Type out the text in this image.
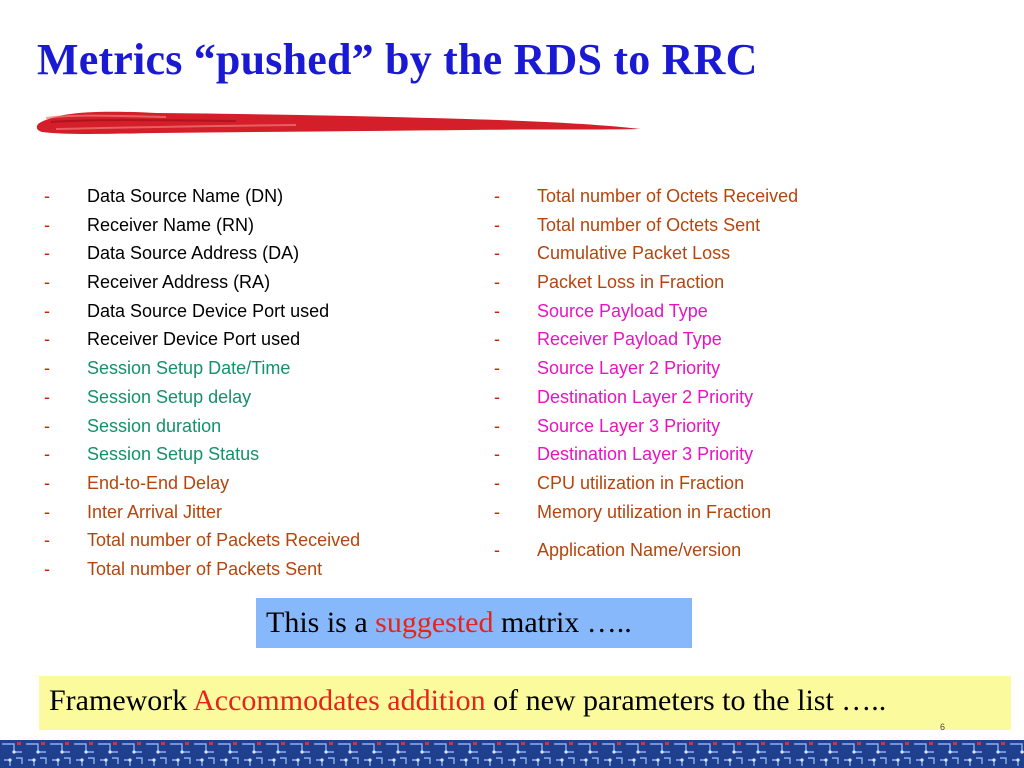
Metrics “pushed” by the RDS to RRC
- Data Source Name (DN)
- Receiver Name (RN)
- Data Source Address (DA)
- Receiver Address (RA)
- Data Source Device Port used
- Receiver Device Port used
- Session Setup Date/Time
- Session Setup delay
- Session duration
- Session Setup Status
- End-to-End Delay
- Inter Arrival Jitter
- Total number of Packets Received
- Total number of Packets Sent
- Total number of Octets Received
- Total number of Octets Sent
- Cumulative Packet Loss
- Packet Loss in Fraction
- Source Payload Type
- Receiver Payload Type
- Source Layer 2 Priority
- Destination Layer 2 Priority
- Source Layer 3 Priority
- Destination Layer 3 Priority
- CPU utilization in Fraction
- Memory utilization in Fraction
- Application Name/version
This is a suggested matrix …..
Framework Accommodates addition of new parameters to the list …..
6
